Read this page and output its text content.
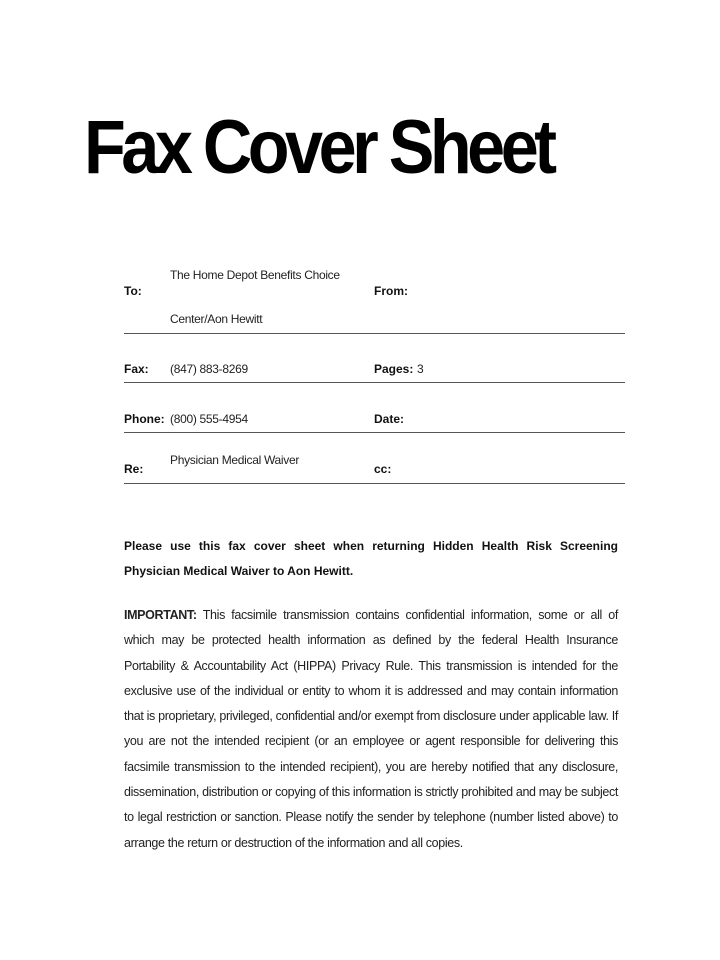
Fax Cover Sheet
To:
The Home Depot Benefits Choice
Center/Aon Hewitt
From:
Fax: (847) 883-8269	Pages: 3
Phone: (800) 555-4954	Date:
Re:
Physician Medical Waiver
cc:
Please use this fax cover sheet when returning Hidden Health Risk Screening Physician Medical Waiver to Aon Hewitt.
IMPORTANT: This facsimile transmission contains confidential information, some or all of which may be protected health information as defined by the federal Health Insurance Portability & Accountability Act (HIPPA) Privacy Rule. This transmission is intended for the exclusive use of the individual or entity to whom it is addressed and may contain information that is proprietary, privileged, confidential and/or exempt from disclosure under applicable law. If you are not the intended recipient (or an employee or agent responsible for delivering this facsimile transmission to the intended recipient), you are hereby notified that any disclosure, dissemination, distribution or copying of this information is strictly prohibited and may be subject to legal restriction or sanction. Please notify the sender by telephone (number listed above) to arrange the return or destruction of the information and all copies.
